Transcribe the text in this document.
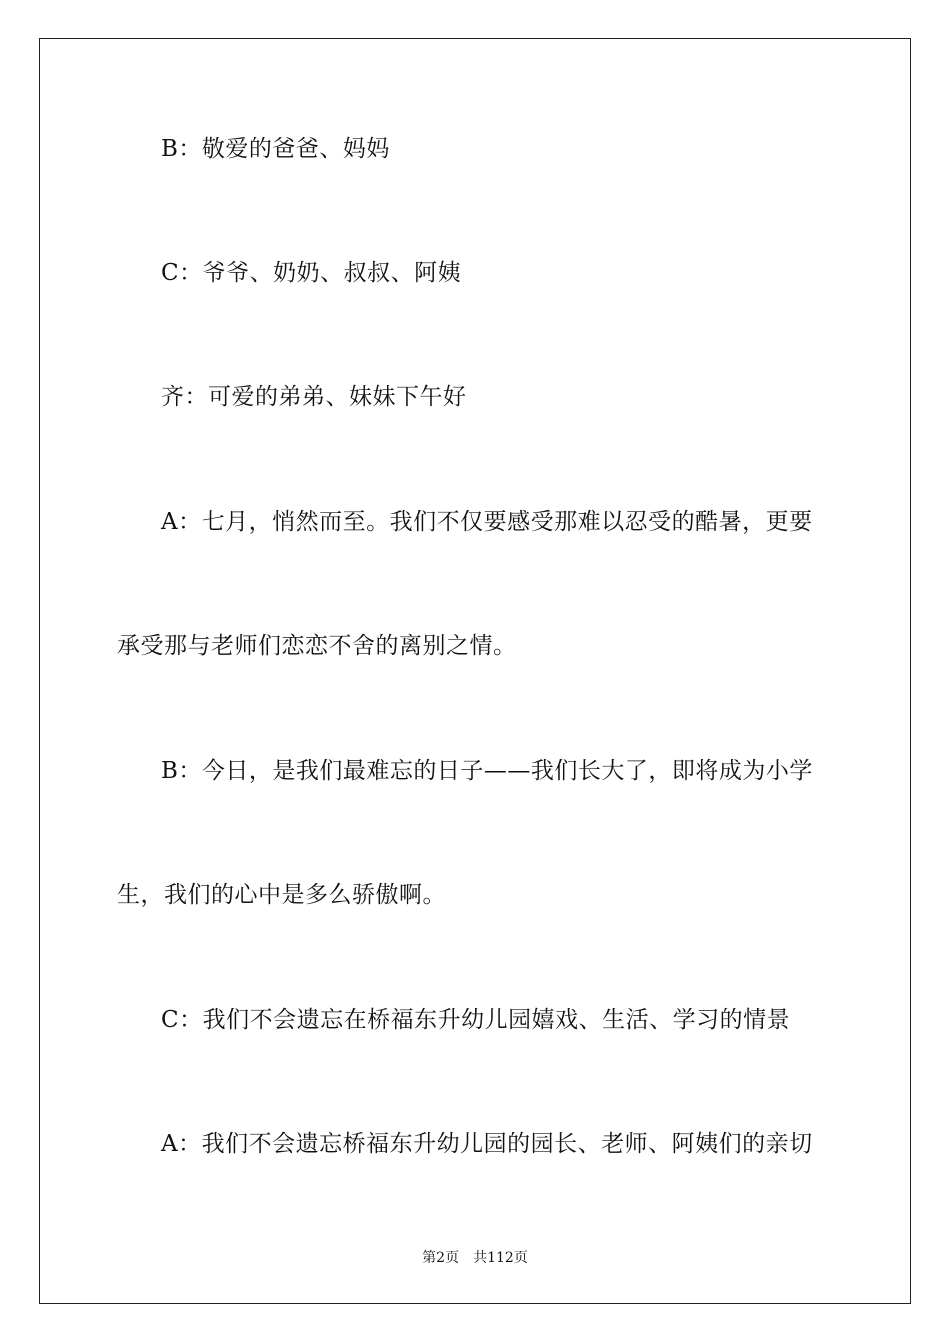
B：敬爱的爸爸、妈妈
C：爷爷、奶奶、叔叔、阿姨
齐：可爱的弟弟、妹妹下午好
A：七月，悄然而至。我们不仅要感受那难以忍受的酷暑，更要
承受那与老师们恋恋不舍的离别之情。
B：今日，是我们最难忘的日子——我们长大了，即将成为小学
生，我们的心中是多么骄傲啊。
C：我们不会遗忘在桥福东升幼儿园嬉戏、生活、学习的情景
A：我们不会遗忘桥福东升幼儿园的园长、老师、阿姨们的亲切
第2页 共112页
